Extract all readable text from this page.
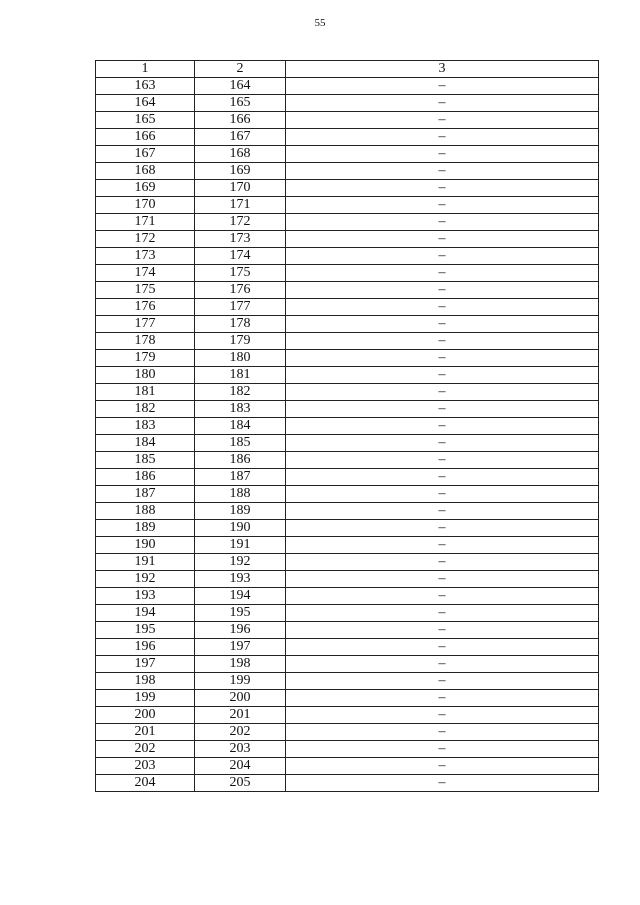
55
1	2	3
163	164	–
164	165	–
165	166	–
166	167	–
167	168	–
168	169	–
169	170	–
170	171	–
171	172	–
172	173	–
173	174	–
174	175	–
175	176	–
176	177	–
177	178	–
178	179	–
179	180	–
180	181	–
181	182	–
182	183	–
183	184	–
184	185	–
185	186	–
186	187	–
187	188	–
188	189	–
189	190	–
190	191	–
191	192	–
192	193	–
193	194	–
194	195	–
195	196	–
196	197	–
197	198	–
198	199	–
199	200	–
200	201	–
201	202	–
202	203	–
203	204	–
204	205	–
